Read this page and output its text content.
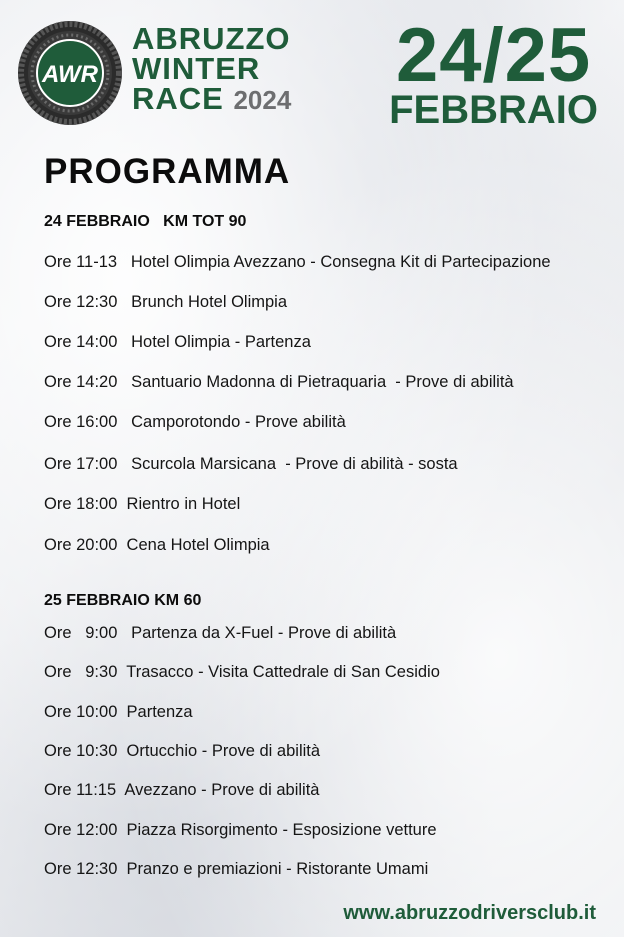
AWR
ABRUZZO
WINTER
RACE 2024
24/25
FEBBRAIO
PROGRAMMA
24 FEBBRAIO   KM TOT 90
Ore 11-13   Hotel Olimpia Avezzano - Consegna Kit di Partecipazione
Ore 12:30   Brunch Hotel Olimpia
Ore 14:00   Hotel Olimpia - Partenza
Ore 14:20   Santuario Madonna di Pietraquaria  - Prove di abilità
Ore 16:00   Camporotondo - Prove abilità
Ore 17:00   Scurcola Marsicana  - Prove di abilità - sosta
Ore 18:00  Rientro in Hotel
Ore 20:00  Cena Hotel Olimpia
25 FEBBRAIO KM 60
Ore   9:00   Partenza da X-Fuel - Prove di abilità
Ore   9:30  Trasacco - Visita Cattedrale di San Cesidio
Ore 10:00  Partenza
Ore 10:30  Ortucchio - Prove di abilità
Ore 11:15  Avezzano - Prove di abilità
Ore 12:00  Piazza Risorgimento - Esposizione vetture
Ore 12:30  Pranzo e premiazioni - Ristorante Umami
www.abruzzodriversclub.it
